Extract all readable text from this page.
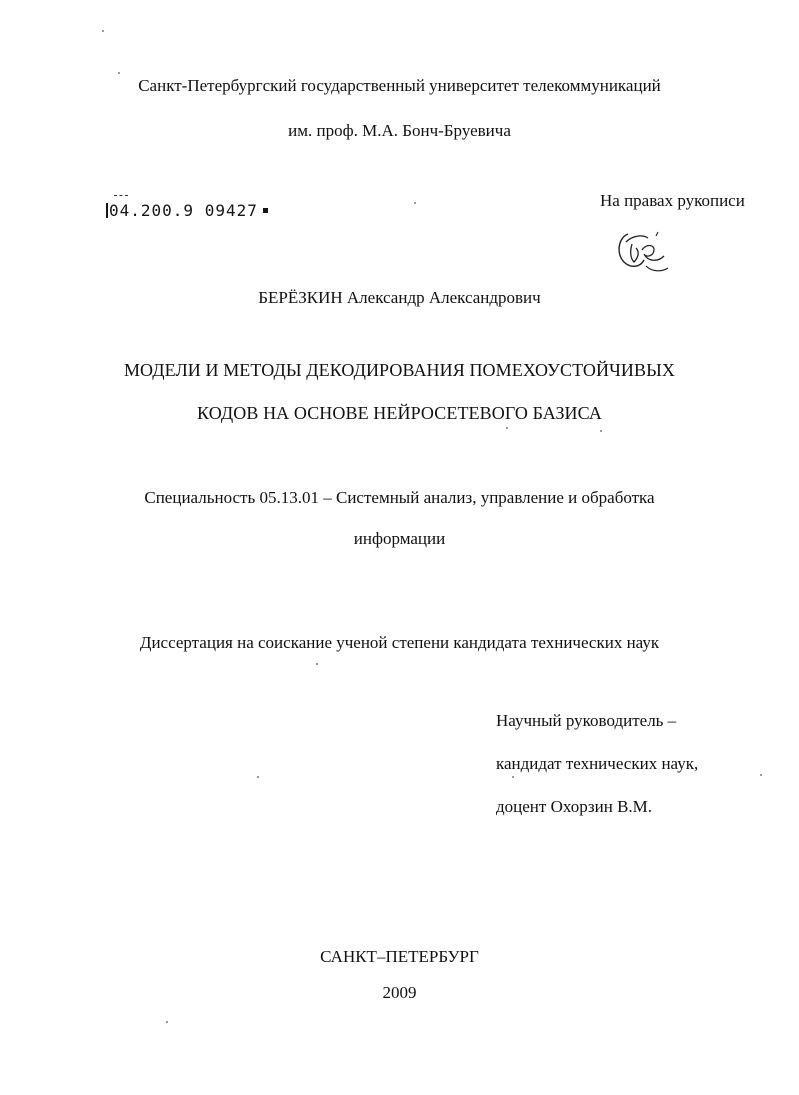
Санкт-Петербургский государственный университет телекоммуникаций
им. проф. М.А. Бонч-Бруевича
04.200.9 09427
На правах рукописи
БЕРЁЗКИН Александр Александрович
МОДЕЛИ И МЕТОДЫ ДЕКОДИРОВАНИЯ ПОМЕХОУСТОЙЧИВЫХ
КОДОВ НА ОСНОВЕ НЕЙРОСЕТЕВОГО БАЗИСА
Специальность 05.13.01 – Системный анализ, управление и обработка
информации
Диссертация на соискание ученой степени кандидата технических наук
Научный руководитель –
кандидат технических наук,
доцент Охорзин В.М.
САНКТ–ПЕТЕРБУРГ
2009
